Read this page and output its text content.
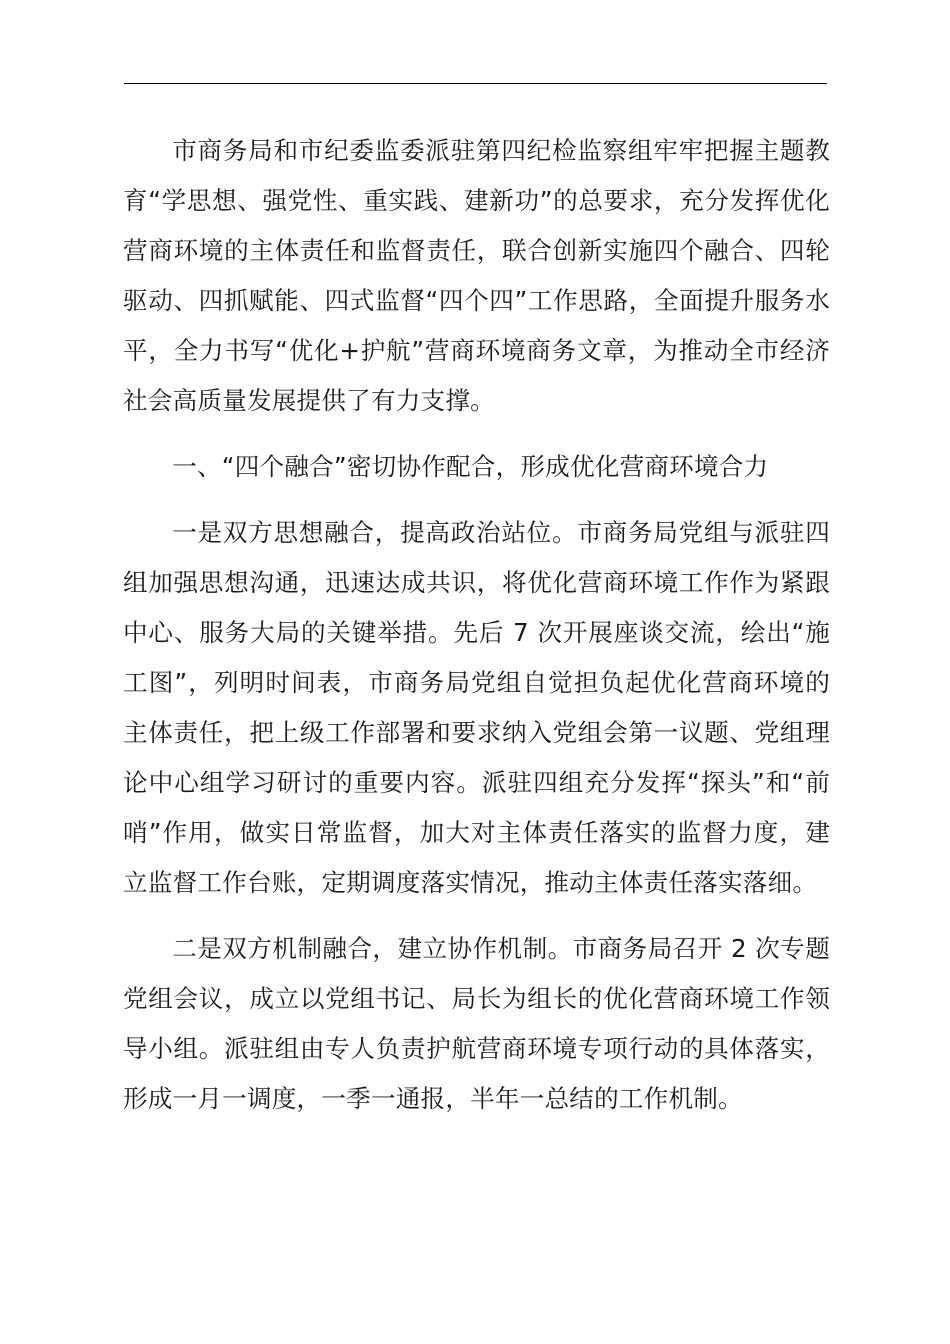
市商务局和市纪委监委派驻第四纪检监察组牢牢把握主题教育“学思想、强党性、重实践、建新功”的总要求，充分发挥优化营商环境的主体责任和监督责任，联合创新实施四个融合、四轮驱动、四抓赋能、四式监督“四个四”工作思路，全面提升服务水平，全力书写“优化+护航”营商环境商务文章，为推动全市经济社会高质量发展提供了有力支撑。

一、“四个融合”密切协作配合，形成优化营商环境合力

一是双方思想融合，提高政治站位。市商务局党组与派驻四组加强思想沟通，迅速达成共识，将优化营商环境工作作为紧跟中心、服务大局的关键举措。先后 7 次开展座谈交流，绘出“施工图”，列明时间表，市商务局党组自觉担负起优化营商环境的主体责任，把上级工作部署和要求纳入党组会第一议题、党组理论中心组学习研讨的重要内容。派驻四组充分发挥“探头”和“前哨”作用，做实日常监督，加大对主体责任落实的监督力度，建立监督工作台账，定期调度落实情况，推动主体责任落实落细。

二是双方机制融合，建立协作机制。市商务局召开 2 次专题党组会议，成立以党组书记、局长为组长的优化营商环境工作领导小组。派驻组由专人负责护航营商环境专项行动的具体落实，形成一月一调度，一季一通报，半年一总结的工作机制。
